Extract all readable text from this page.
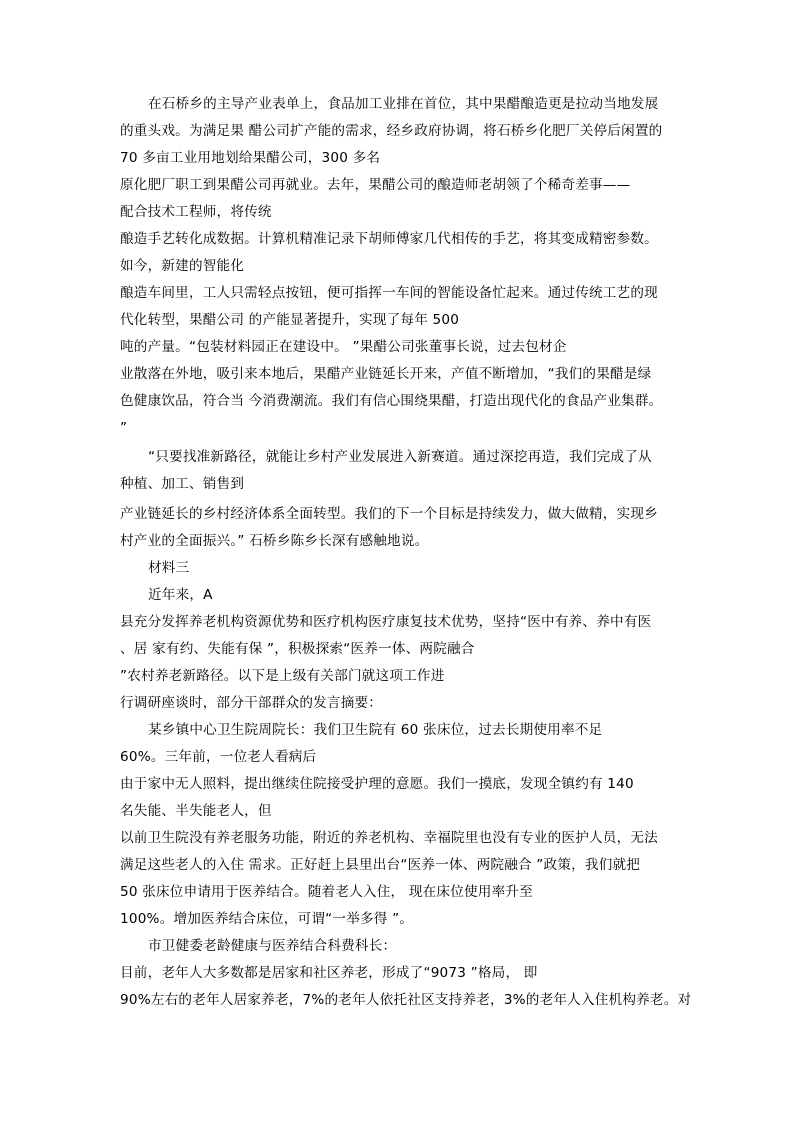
在石桥乡的主导产业表单上，食品加工业排在首位，其中果醋酿造更是拉动当地发展
的重头戏。为满足果 醋公司扩产能的需求，经乡政府协调，将石桥乡化肥厂关停后闲置的
70 多亩工业用地划给果醋公司，300 多名
原化肥厂职工到果醋公司再就业。去年，果醋公司的酿造师老胡领了个稀奇差事——
配合技术工程师，将传统
酿造手艺转化成数据。计算机精准记录下胡师傅家几代相传的手艺，将其变成精密参数。
如今，新建的智能化
酿造车间里，工人只需轻点按钮，便可指挥一车间的智能设备忙起来。通过传统工艺的现
代化转型，果醋公司 的产能显著提升，实现了每年 500
吨的产量。“包装材料园正在建设中。 ”果醋公司张董事长说，过去包材企
业散落在外地，吸引来本地后，果醋产业链延长开来，产值不断增加，“我们的果醋是绿
色健康饮品，符合当 今消费潮流。我们有信心围绕果醋，打造出现代化的食品产业集群。
”
“只要找准新路径，就能让乡村产业发展进入新赛道。通过深挖再造，我们完成了从
种植、加工、销售到
产业链延长的乡村经济体系全面转型。我们的下一个目标是持续发力，做大做精，实现乡
村产业的全面振兴。” 石桥乡陈乡长深有感触地说。
材料三
近年来，A
县充分发挥养老机构资源优势和医疗机构医疗康复技术优势，坚持“医中有养、养中有医
、居 家有约、失能有保 ”，积极探索“医养一体、两院融合
”农村养老新路径。以下是上级有关部门就这项工作进
行调研座谈时，部分干部群众的发言摘要：
某乡镇中心卫生院周院长：我们卫生院有 60 张床位，过去长期使用率不足
60%。三年前，一位老人看病后
由于家中无人照料，提出继续住院接受护理的意愿。我们一摸底，发现全镇约有 140
名失能、半失能老人，但
以前卫生院没有养老服务功能，附近的养老机构、幸福院里也没有专业的医护人员，无法
满足这些老人的入住 需求。正好赶上县里出台“医养一体、两院融合 ”政策，我们就把
50 张床位申请用于医养结合。随着老人入住， 现在床位使用率升至
100%。增加医养结合床位，可谓“一举多得 ”。
市卫健委老龄健康与医养结合科费科长：
目前，老年人大多数都是居家和社区养老，形成了“9073 ”格局， 即
90%左右的老年人居家养老，7%的老年人依托社区支持养老，3%的老年人入住机构养老。对
